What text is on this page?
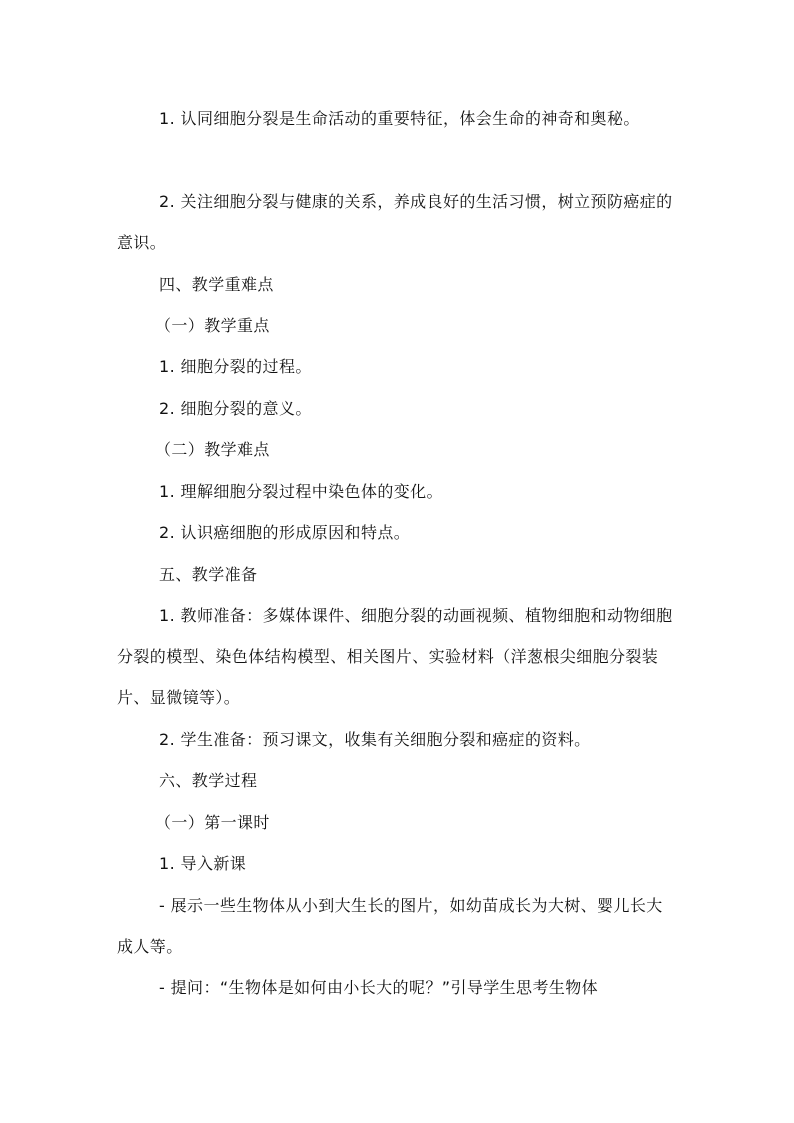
1. 认同细胞分裂是生命活动的重要特征，体会生命的神奇和奥秘。
2. 关注细胞分裂与健康的关系，养成良好的生活习惯，树立预防癌症的意识。
四、教学重难点
（一）教学重点
1. 细胞分裂的过程。
2. 细胞分裂的意义。
（二）教学难点
1. 理解细胞分裂过程中染色体的变化。
2. 认识癌细胞的形成原因和特点。
五、教学准备
1. 教师准备：多媒体课件、细胞分裂的动画视频、植物细胞和动物细胞分裂的模型、染色体结构模型、相关图片、实验材料（洋葱根尖细胞分裂装片、显微镜等）。
2. 学生准备：预习课文，收集有关细胞分裂和癌症的资料。
六、教学过程
（一）第一课时
1. 导入新课
- 展示一些生物体从小到大生长的图片，如幼苗成长为大树、婴儿长大成人等。
- 提问：“生物体是如何由小长大的呢？”引导学生思考生物体
